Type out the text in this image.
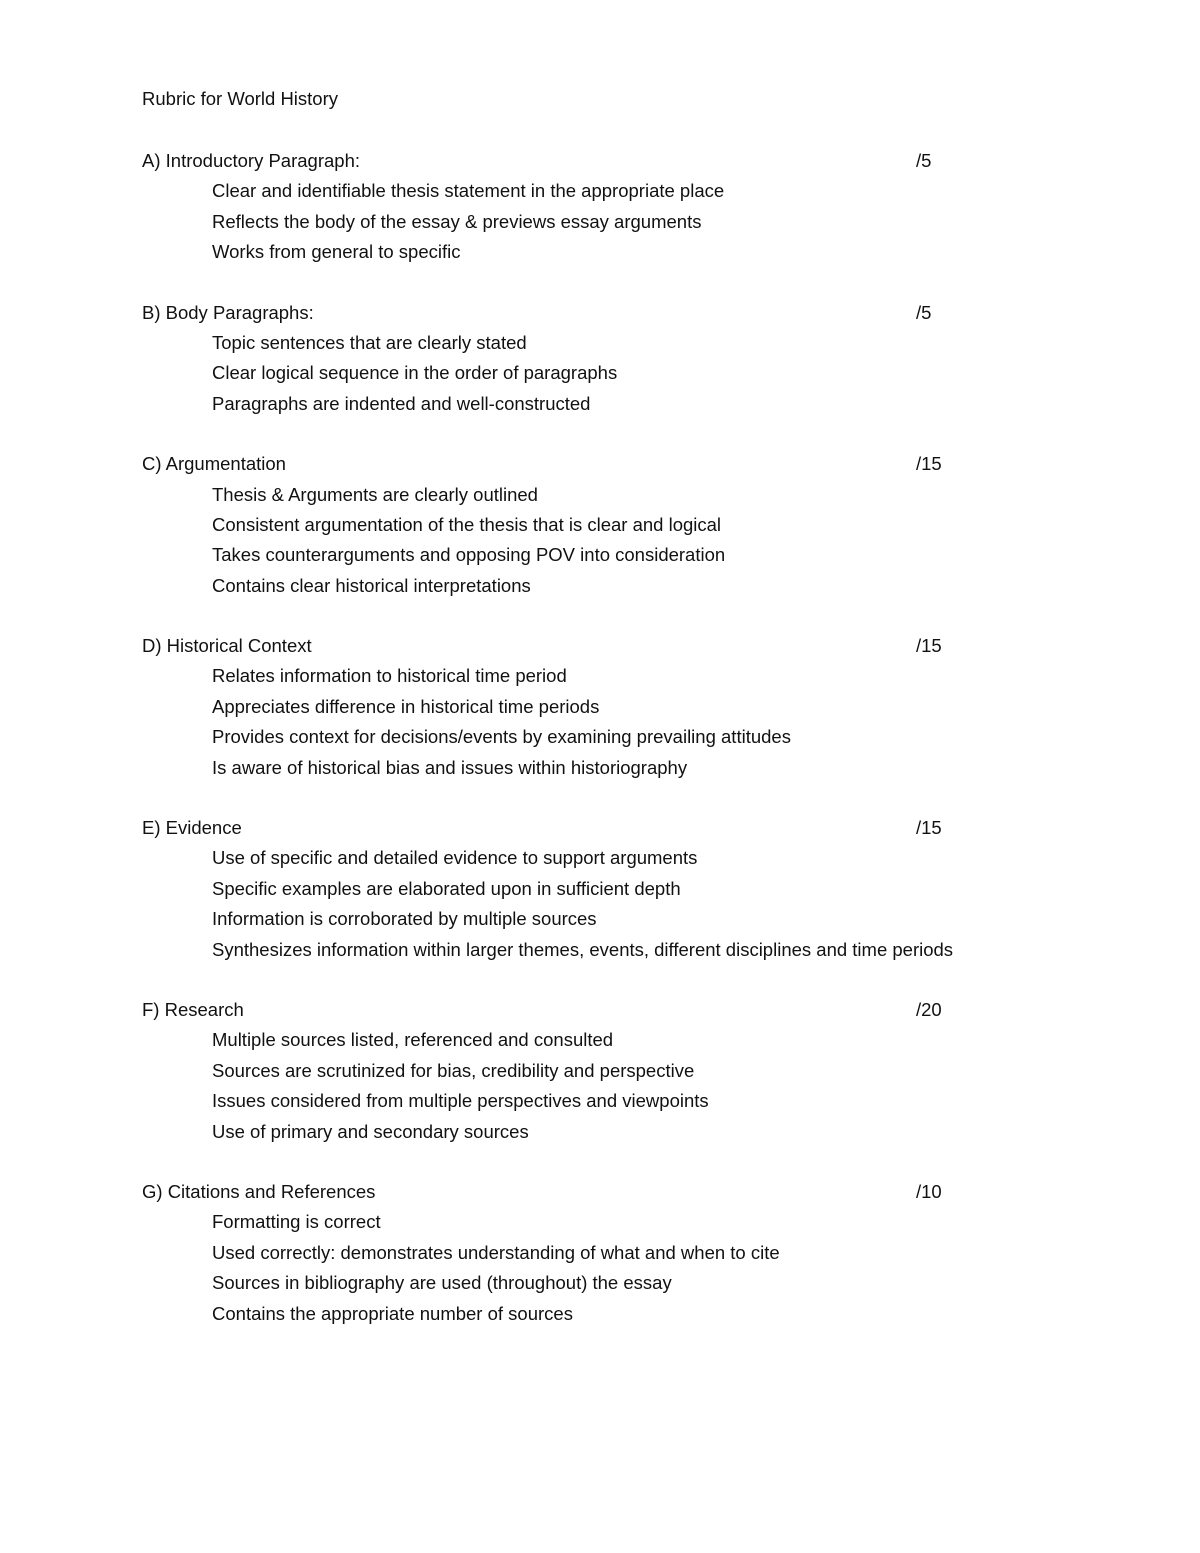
Rubric for World History
A) Introductory Paragraph:	/5
Clear and identifiable thesis statement in the appropriate place
Reflects the body of the essay & previews essay arguments
Works from general to specific
B) Body Paragraphs:	/5
Topic sentences that are clearly stated
Clear logical sequence in the order of paragraphs
Paragraphs are indented and well-constructed
C) Argumentation	/15
Thesis & Arguments are clearly outlined
Consistent argumentation of the thesis that is clear and logical
Takes counterarguments and opposing POV into consideration
Contains clear historical interpretations
D) Historical Context	/15
Relates information to historical time period
Appreciates difference in historical time periods
Provides context for decisions/events by examining prevailing attitudes
Is aware of historical bias and issues within historiography
E) Evidence	/15
Use of specific and detailed evidence to support arguments
Specific examples are elaborated upon in sufficient depth
Information is corroborated by multiple sources
Synthesizes information within larger themes, events, different disciplines and time periods
F) Research	/20
Multiple sources listed, referenced and consulted
Sources are scrutinized for bias, credibility and perspective
Issues considered from multiple perspectives and viewpoints
Use of primary and secondary sources
G) Citations and References	/10
Formatting is correct
Used correctly: demonstrates understanding of what and when to cite
Sources in bibliography are used (throughout) the essay
Contains the appropriate number of sources
